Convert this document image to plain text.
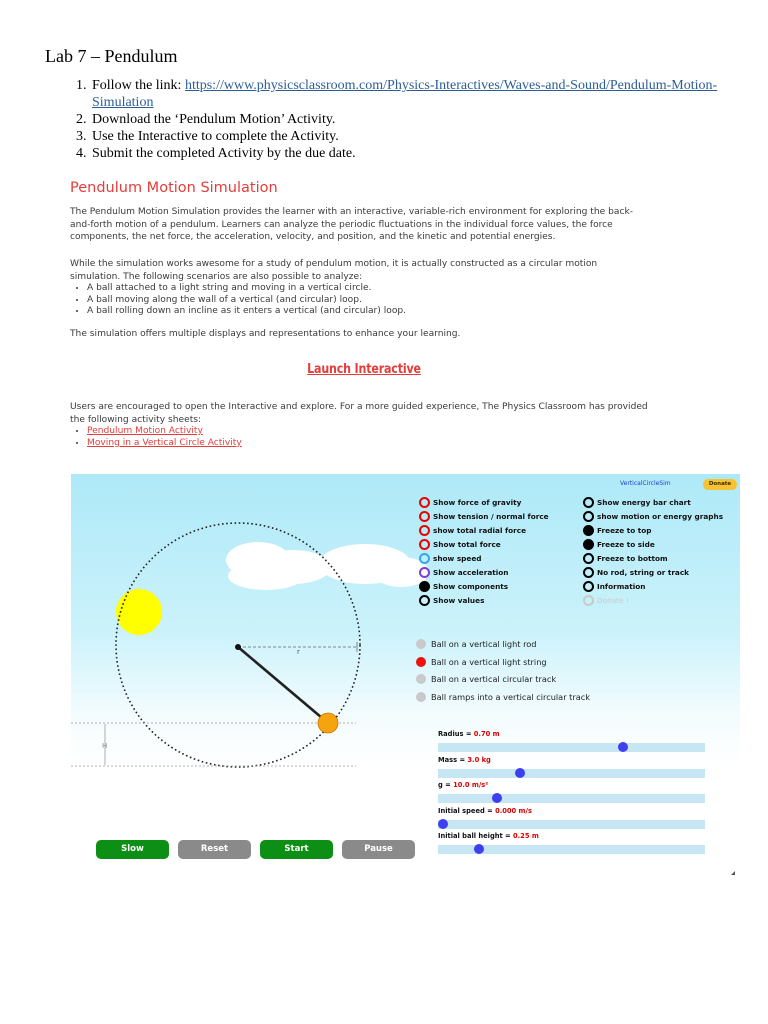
Lab 7 – Pendulum
1. Follow the link: https://www.physicsclassroom.com/Physics-Interactives/Waves-and-Sound/Pendulum-Motion-Simulation
2. Download the ‘Pendulum Motion’ Activity.
3. Use the Interactive to complete the Activity.
4. Submit the completed Activity by the due date.
Pendulum Motion Simulation

The Pendulum Motion Simulation provides the learner with an interactive, variable-rich environment for exploring the back-and-forth motion of a pendulum. Learners can analyze the periodic fluctuations in the individual force values, the force components, the net force, the acceleration, velocity, and position, and the kinetic and potential energies.

While the simulation works awesome for a study of pendulum motion, it is actually constructed as a circular motion simulation. The following scenarios are also possible to analyze:

• A ball attached to a light string and moving in a vertical circle.
• A ball moving along the wall of a vertical (and circular) loop.
• A ball rolling down an incline as it enters a vertical (and circular) loop.

The simulation offers multiple displays and representations to enhance your learning.

Launch Interactive

Users are encouraged to open the Interactive and explore. For a more guided experience, The Physics Classroom has provided the following activity sheets:

• Pendulum Motion Activity
• Moving in a Vertical Circle Activity
r
H
VerticalCircleSim	Donate
Show force of gravity
Show tension / normal force
show total radial force
Show total force
show speed
Show acceleration
Show components
Show values
Show energy bar chart
show motion or energy graphs
Freeze to top
Freeze to side
Freeze to bottom
No rod, string or track
Information
Donate !
Ball on a vertical light rod
Ball on a vertical light string
Ball on a vertical circular track
Ball ramps into a vertical circular track
Radius = 0.70 m
Mass = 3.0 kg
g = 10.0 m/s²
Initial speed = 0.000 m/s
Initial ball height = 0.25 m
Slow	Reset	Start	Pause
